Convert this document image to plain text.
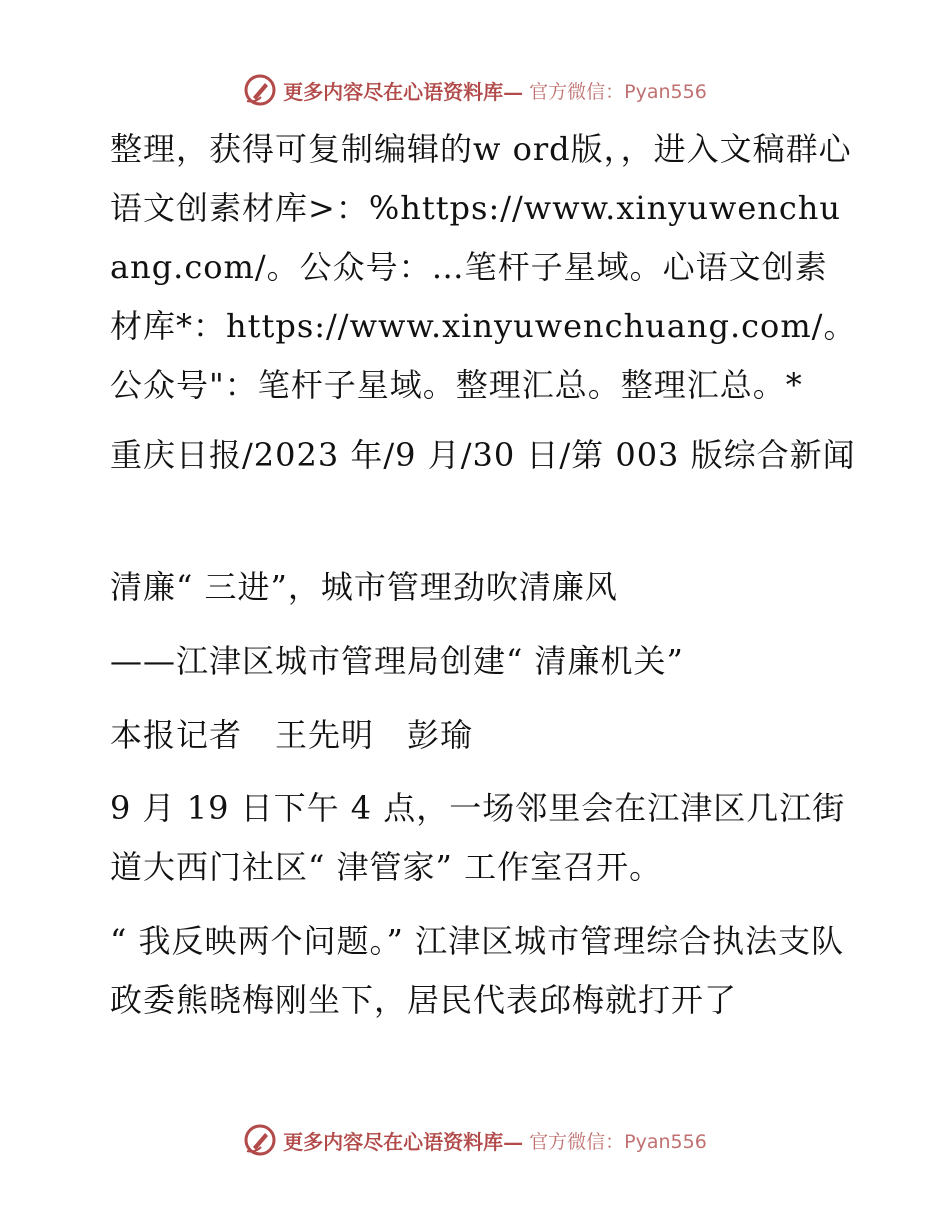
更多内容尽在心语资料库— 官方微信：Pyan556

整理，获得可复制编辑的w ord版，，进入文稿群心语文创素材库>：%https://www.xinyuwenchuang.com/。公众号：…笔杆子星域。心语文创素材库*：https://www.xinyuwenchuang.com/。公众号"：笔杆子星域。整理汇总。整理汇总。*

重庆日报/2023 年/9 月/30 日/第 003 版综合新闻

清廉“ 三进”，城市管理劲吹清廉风

——江津区城市管理局创建“ 清廉机关”

本报记者　王先明　彭瑜

9 月 19 日下午 4 点，一场邻里会在江津区几江街道大西门社区“ 津管家” 工作室召开。

“ 我反映两个问题。” 江津区城市管理综合执法支队政委熊晓梅刚坐下，居民代表邱梅就打开了

更多内容尽在心语资料库— 官方微信：Pyan556
